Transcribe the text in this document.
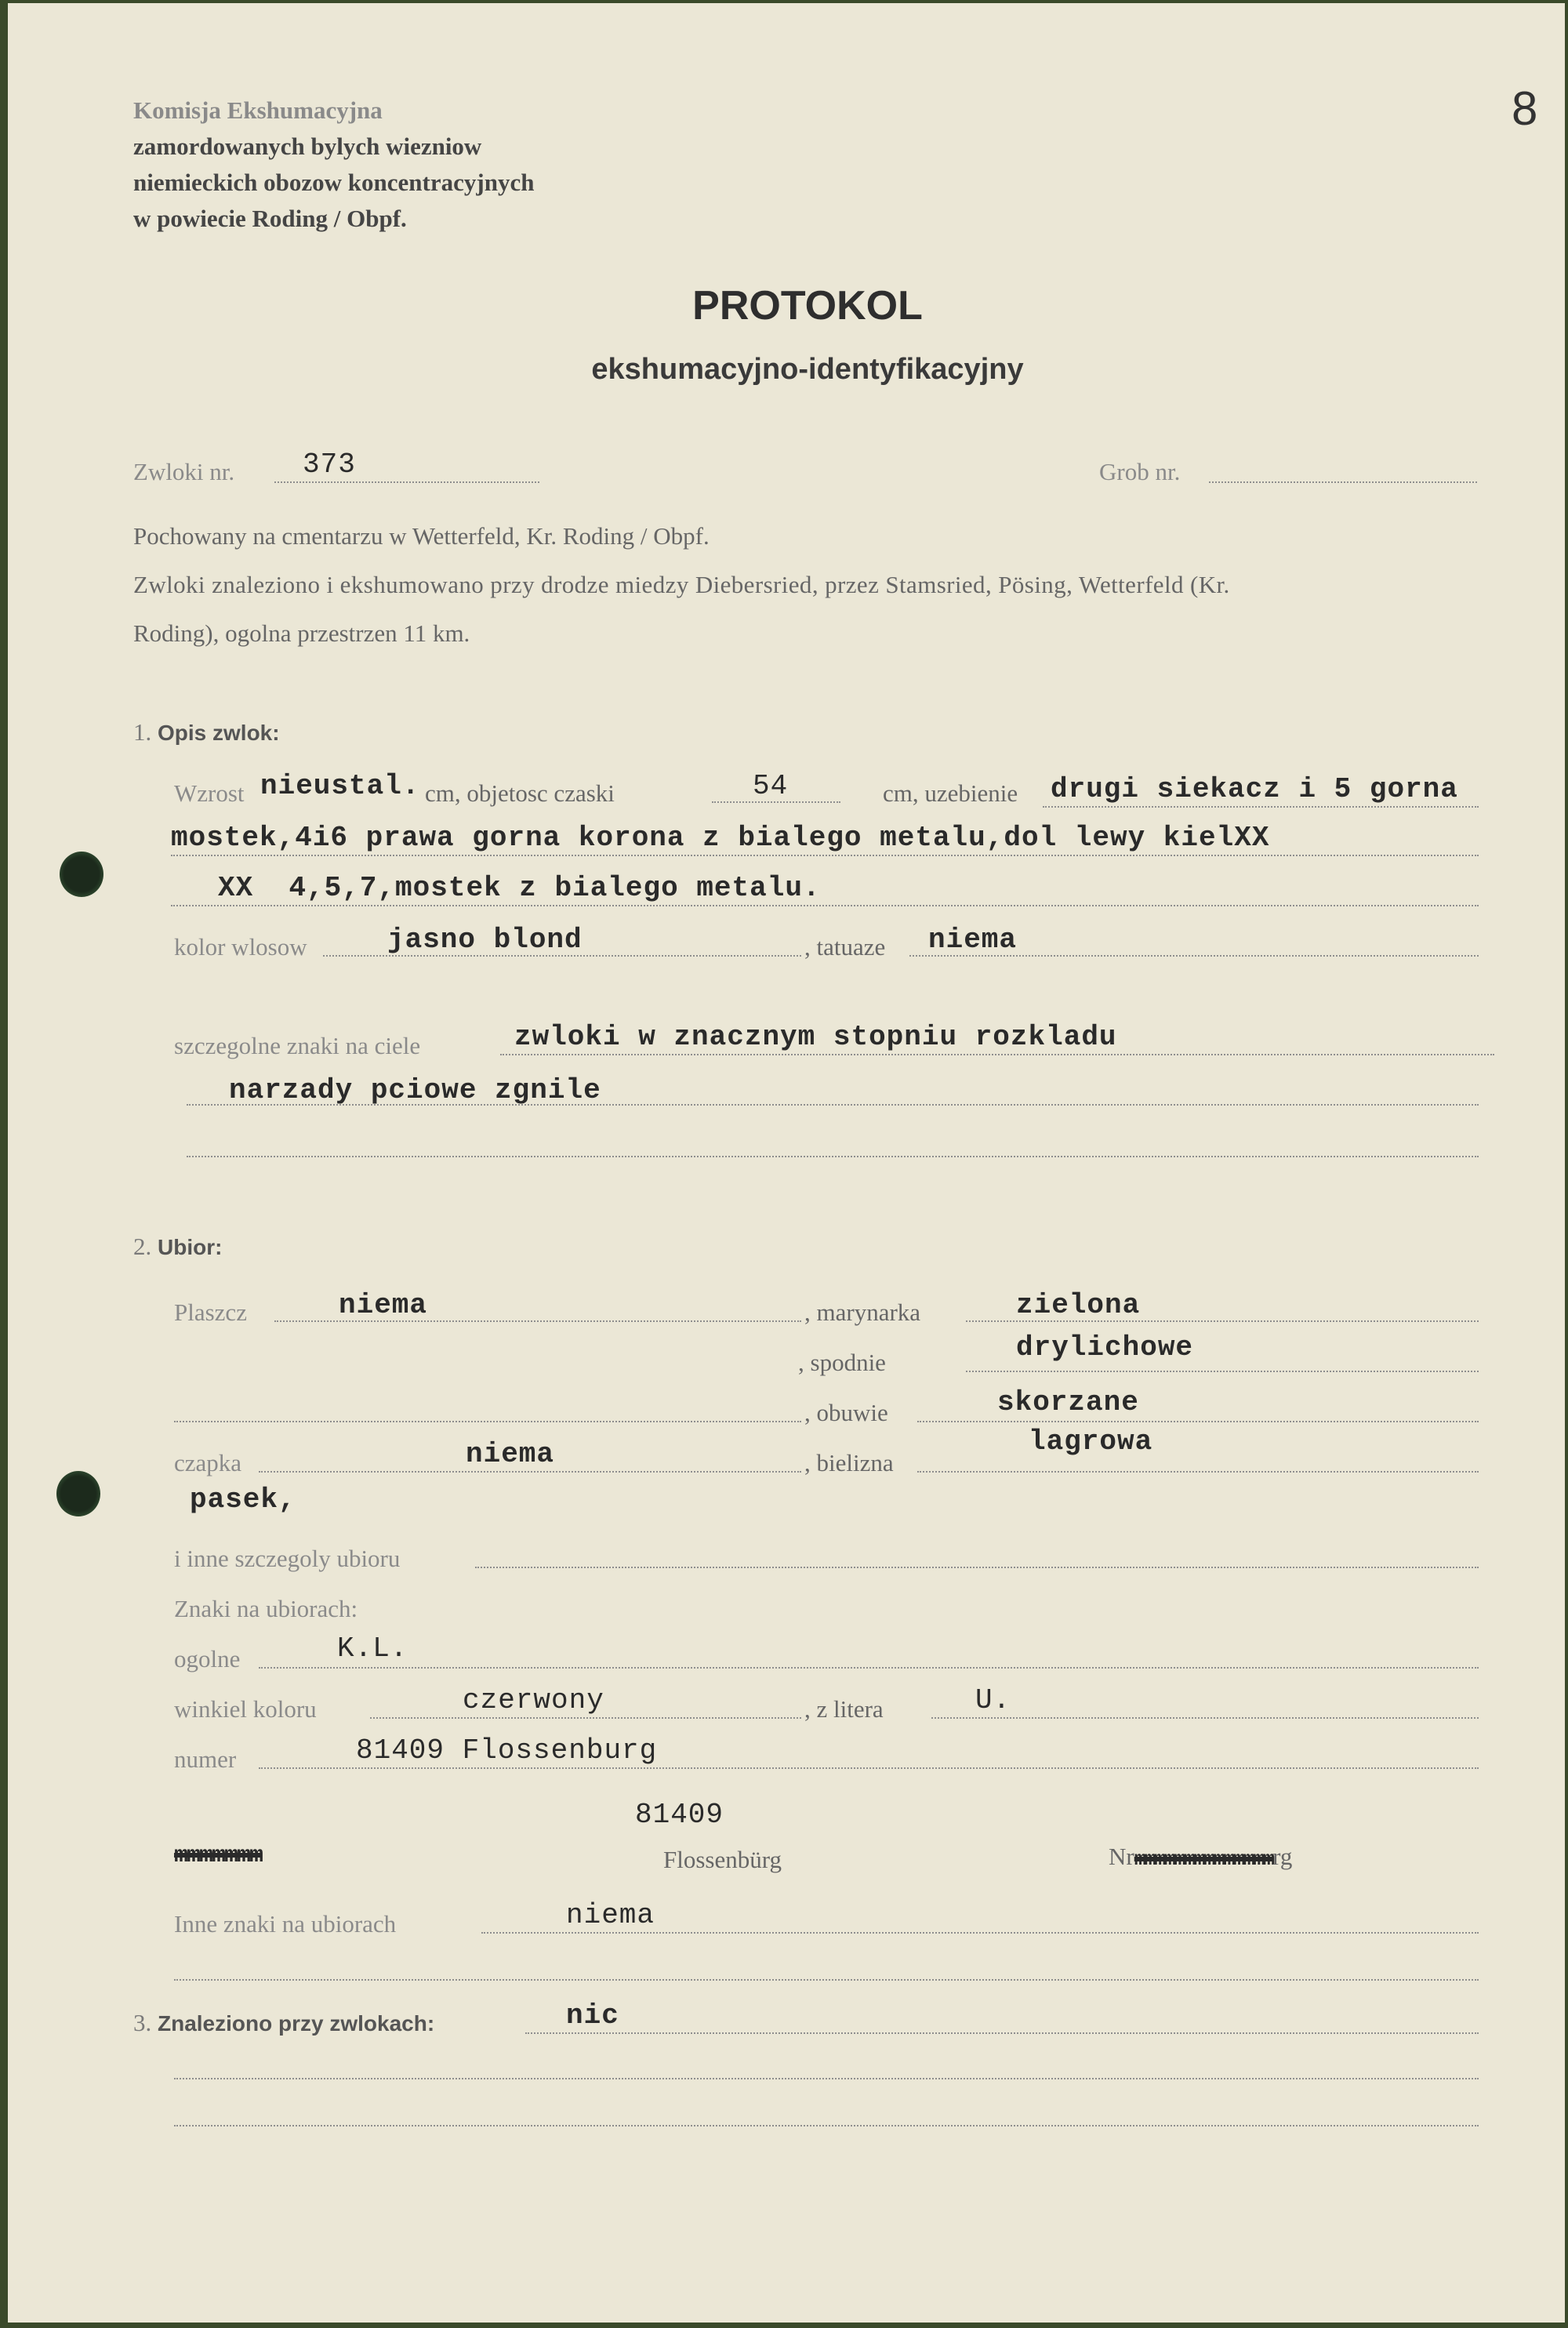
8
Komisja Ekshumacyjna
zamordowanych bylych wiezniow
niemieckich obozow koncentracyjnych
w powiecie Roding / Obpf.
PROTOKOL
ekshumacyjno-identyfikacyjny
Zwloki nr. 373	Grob nr.
Pochowany na cmentarzu w Wetterfeld, Kr. Roding / Obpf.
Zwloki znaleziono i ekshumowano przy drodze miedzy Diebersried, przez Stamsried, Pösing, Wetterfeld (Kr.
Roding), ogolna przestrzen 11 km.
1. Opis zwlok:
Wzrost nieustal. cm, objetosc czaski	54	cm, uzebienie drugi siekacz i 5 gorna
mostek,4i6 prawa gorna korona z bialego metalu,dol lewy kielXX
XX 4,5,7,mostek z bialego metalu.
kolor wlosow	jasno blond	, tatuaze niema
szczegolne znaki na ciele	zwloki w znacznym stopniu rozkladu
narzady pciowe zgnile
2. Ubior:
Plaszcz	niema	, marynarka	zielona
, spodnie	drylichowe
, obuwie	skorzane
czapka	niema	, bielizna
lagrowa
pasek,
i inne szczegoly ubioru
Znaki na ubiorach:
ogolne	K.L.
winkiel koloru	czerwony	, z litera	U.
numer	81409 Flossenburg
81409
mmmmmmm	Flossenbürg	Nrmmmmmmmmmmmmmmrg
Inne znaki na ubiorach	niema
3. Znaleziono przy zwlokach:	nic
